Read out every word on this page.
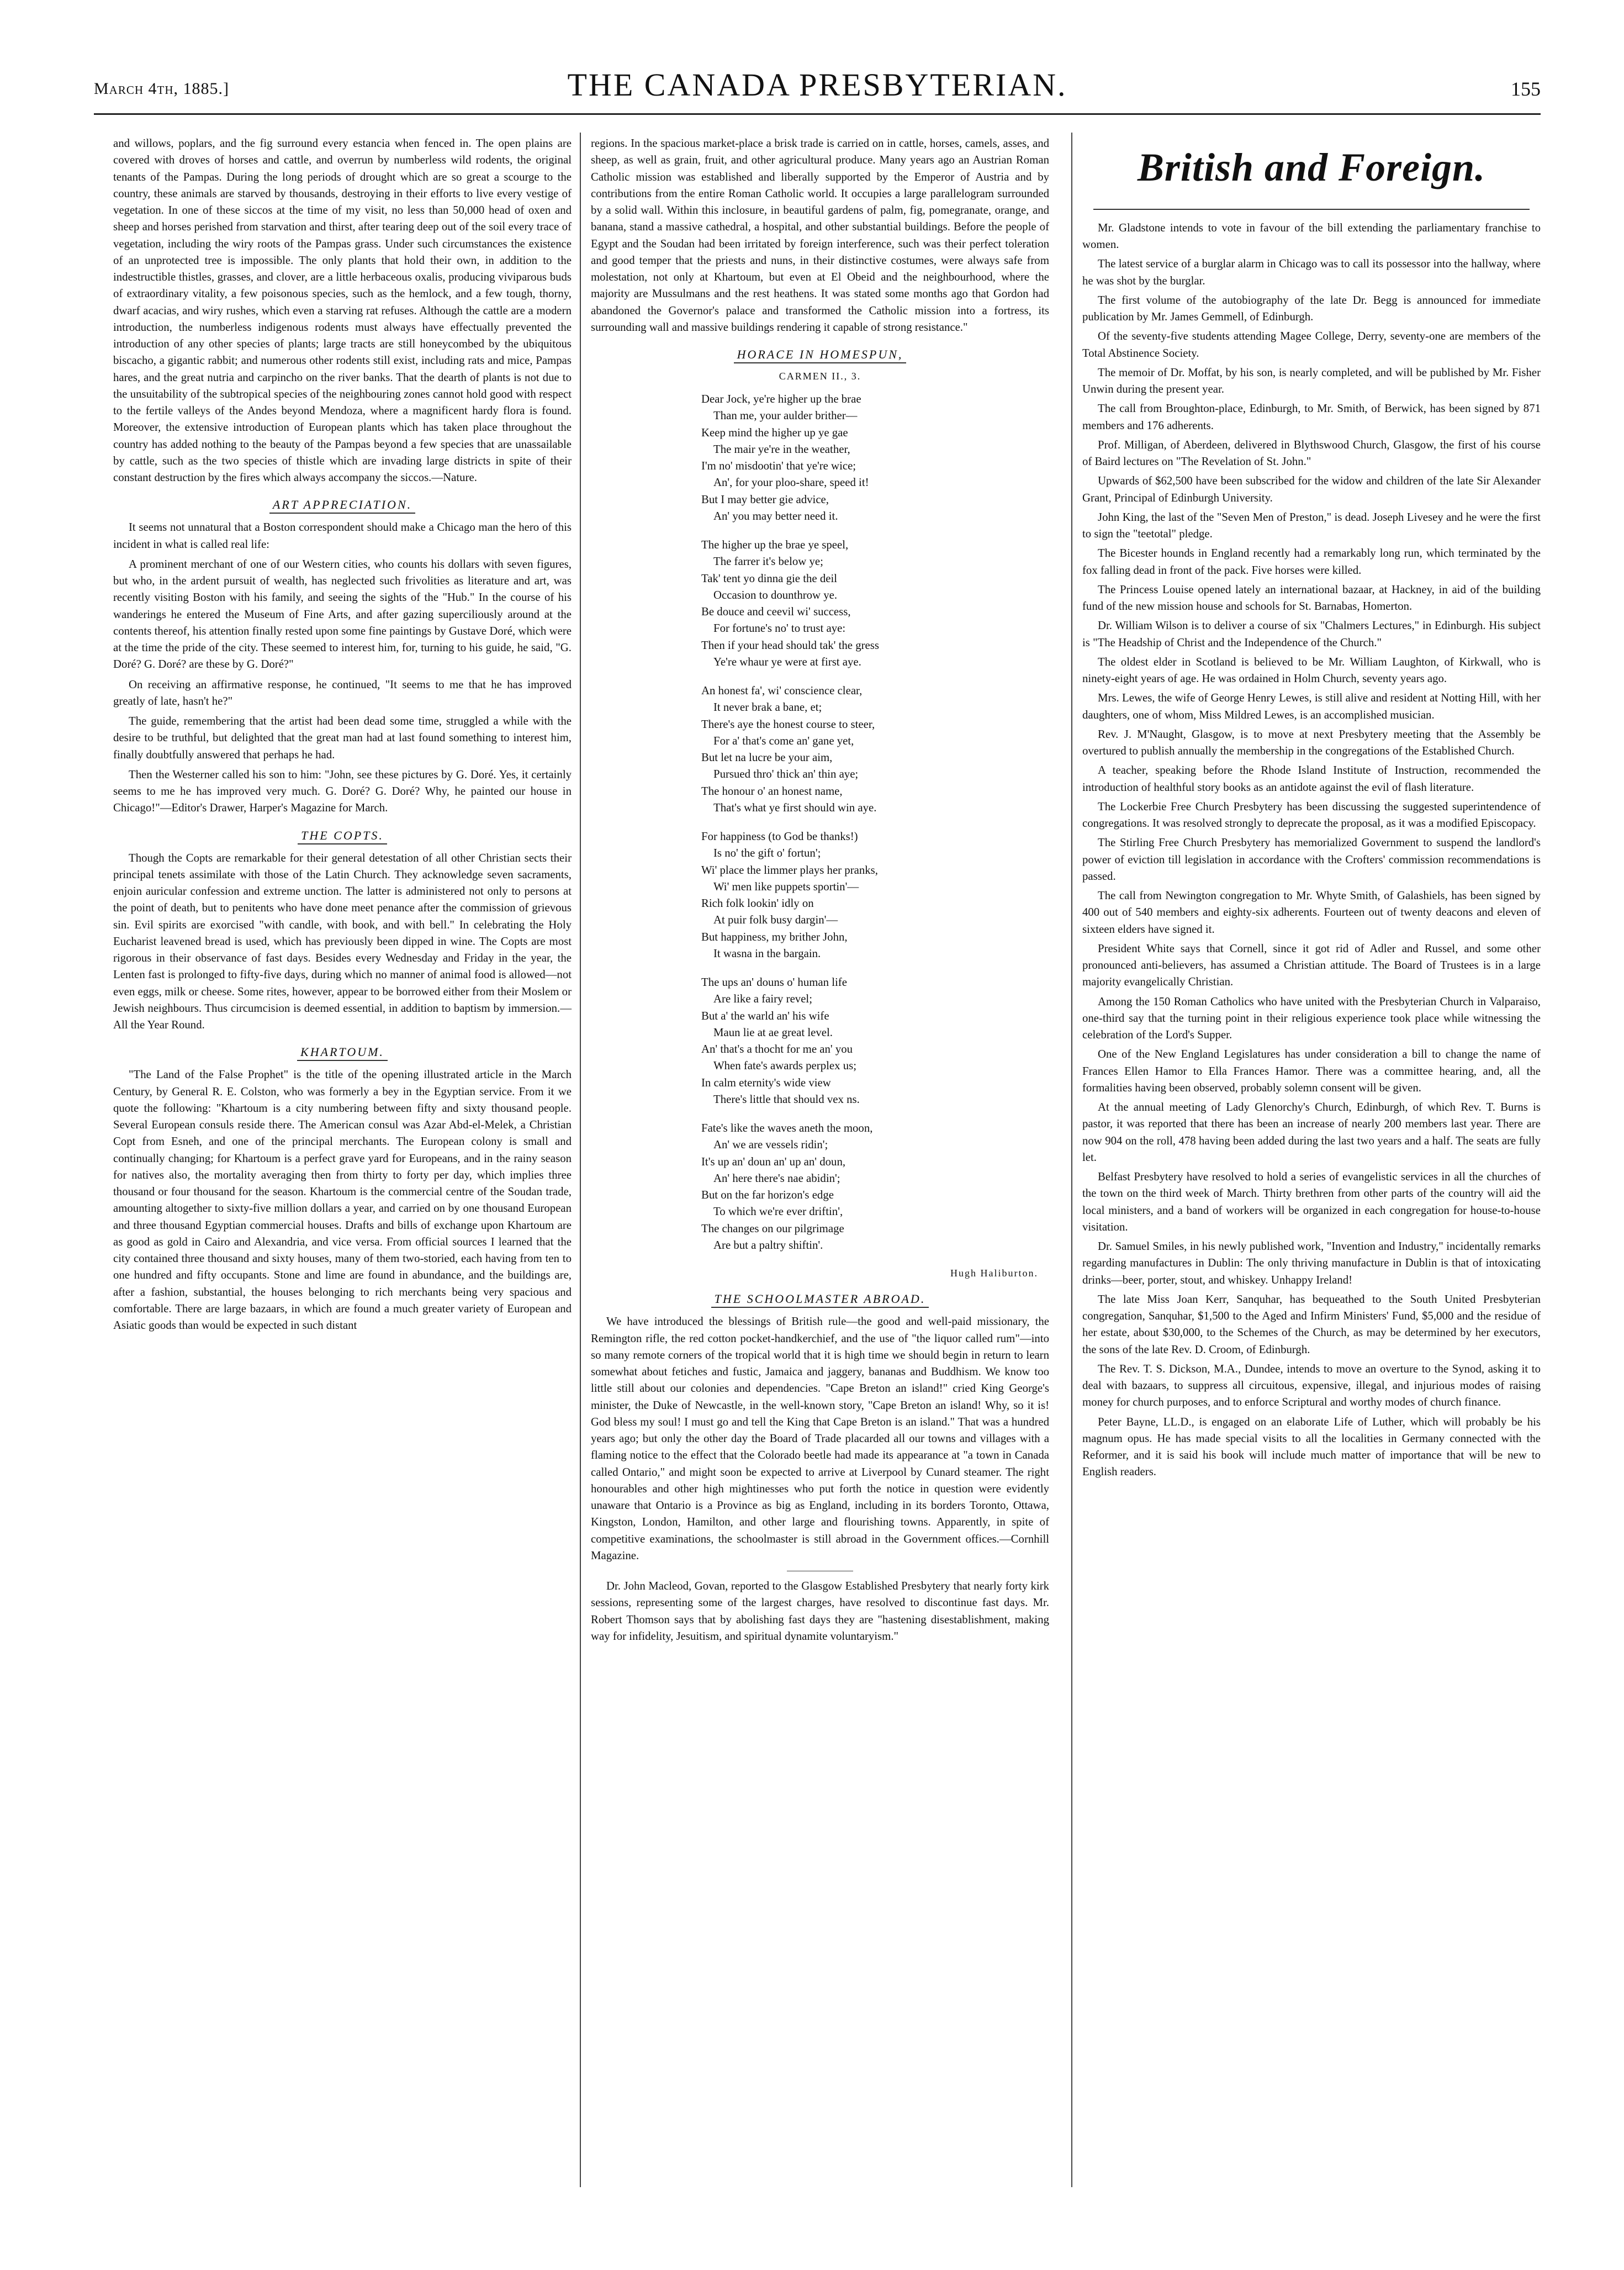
March 4th, 1885.]	THE CANADA PRESBYTERIAN.	155

and willows, poplars, and the fig surround every estancia when fenced in. The open plains are covered with droves of horses and cattle, and overrun by numberless wild rodents, the original tenants of the Pampas. During the long periods of drought which are so great a scourge to the country, these animals are starved by thousands, destroying in their efforts to live every vestige of vegetation. In one of these siccos at the time of my visit, no less than 50,000 head of oxen and sheep and horses perished from starvation and thirst, after tearing deep out of the soil every trace of vegetation, including the wiry roots of the Pampas grass. Under such circumstances the existence of an unprotected tree is impossible. The only plants that hold their own, in addition to the indestructible thistles, grasses, and clover, are a little herbaceous oxalis, producing viviparous buds of extraordinary vitality, a few poisonous species, such as the hemlock, and a few tough, thorny, dwarf acacias, and wiry rushes, which even a starving rat refuses. Although the cattle are a modern introduction, the numberless indigenous rodents must always have effectually prevented the introduction of any other species of plants; large tracts are still honeycombed by the ubiquitous biscacho, a gigantic rabbit; and numerous other rodents still exist, including rats and mice, Pampas hares, and the great nutria and carpincho on the river banks. That the dearth of plants is not due to the unsuitability of the subtropical species of the neighbouring zones cannot hold good with respect to the fertile valleys of the Andes beyond Mendoza, where a magnificent hardy flora is found. Moreover, the extensive introduction of European plants which has taken place throughout the country has added nothing to the beauty of the Pampas beyond a few species that are unassailable by cattle, such as the two species of thistle which are invading large districts in spite of their constant destruction by the fires which always accompany the siccos.—Nature.

ART APPRECIATION.

It seems not unnatural that a Boston correspondent should make a Chicago man the hero of this incident in what is called real life:

A prominent merchant of one of our Western cities, who counts his dollars with seven figures, but who, in the ardent pursuit of wealth, has neglected such frivolities as literature and art, was recently visiting Boston with his family, and seeing the sights of the "Hub." In the course of his wanderings he entered the Museum of Fine Arts, and after gazing superciliously around at the contents thereof, his attention finally rested upon some fine paintings by Gustave Doré, which were at the time the pride of the city. These seemed to interest him, for, turning to his guide, he said, "G. Doré? G. Doré? are these by G. Doré?"

On receiving an affirmative response, he continued, "It seems to me that he has improved greatly of late, hasn't he?"

The guide, remembering that the artist had been dead some time, struggled a while with the desire to be truthful, but delighted that the great man had at last found something to interest him, finally doubtfully answered that perhaps he had.

Then the Westerner called his son to him: "John, see these pictures by G. Doré. Yes, it certainly seems to me he has improved very much. G. Doré? G. Doré? Why, he painted our house in Chicago!"—Editor's Drawer, Harper's Magazine for March.

THE COPTS.

Though the Copts are remarkable for their general detestation of all other Christian sects their principal tenets assimilate with those of the Latin Church. They acknowledge seven sacraments, enjoin auricular confession and extreme unction. The latter is administered not only to persons at the point of death, but to penitents who have done meet penance after the commission of grievous sin. Evil spirits are exorcised "with candle, with book, and with bell." In celebrating the Holy Eucharist leavened bread is used, which has previously been dipped in wine. The Copts are most rigorous in their observance of fast days. Besides every Wednesday and Friday in the year, the Lenten fast is prolonged to fifty-five days, during which no manner of animal food is allowed—not even eggs, milk or cheese. Some rites, however, appear to be borrowed either from their Moslem or Jewish neighbours. Thus circumcision is deemed essential, in addition to baptism by immersion.—All the Year Round.

KHARTOUM.

"The Land of the False Prophet" is the title of the opening illustrated article in the March Century, by General R. E. Colston, who was formerly a bey in the Egyptian service. From it we quote the following: "Khartoum is a city numbering between fifty and sixty thousand people. Several European consuls reside there. The American consul was Azar Abd-el-Melek, a Christian Copt from Esneh, and one of the principal merchants. The European colony is small and continually changing; for Khartoum is a perfect grave yard for Europeans, and in the rainy season for natives also, the mortality averaging then from thirty to forty per day, which implies three thousand or four thousand for the season. Khartoum is the commercial centre of the Soudan trade, amounting altogether to sixty-five million dollars a year, and carried on by one thousand European and three thousand Egyptian commercial houses. Drafts and bills of exchange upon Khartoum are as good as gold in Cairo and Alexandria, and vice versa. From official sources I learned that the city contained three thousand and sixty houses, many of them two-storied, each having from ten to one hundred and fifty occupants. Stone and lime are found in abundance, and the buildings are, after a fashion, substantial, the houses belonging to rich merchants being very spacious and comfortable. There are large bazaars, in which are found a much greater variety of European and Asiatic goods than would be expected in such distant

regions. In the spacious market-place a brisk trade is carried on in cattle, horses, camels, asses, and sheep, as well as grain, fruit, and other agricultural produce. Many years ago an Austrian Roman Catholic mission was established and liberally supported by the Emperor of Austria and by contributions from the entire Roman Catholic world. It occupies a large parallelogram surrounded by a solid wall. Within this inclosure, in beautiful gardens of palm, fig, pomegranate, orange, and banana, stand a massive cathedral, a hospital, and other substantial buildings. Before the people of Egypt and the Soudan had been irritated by foreign interference, such was their perfect toleration and good temper that the priests and nuns, in their distinctive costumes, were always safe from molestation, not only at Khartoum, but even at El Obeid and the neighbourhood, where the majority are Mussulmans and the rest heathens. It was stated some months ago that Gordon had abandoned the Governor's palace and transformed the Catholic mission into a fortress, its surrounding wall and massive buildings rendering it capable of strong resistance."

HORACE IN HOMESPUN,
CARMEN II., 3.
Dear Jock, ye're higher up the brae
Than me, your aulder brither—
Keep mind the higher up ye gae
The mair ye're in the weather,
I'm no' misdootin' that ye're wice;
An', for your ploo-share, speed it!
But I may better gie advice,
An' you may better need it.
The higher up the brae ye speel,
The farrer it's below ye;
Tak' tent yo dinna gie the deil
Occasion to dounthrow ye.
Be douce and ceevil wi' success,
For fortune's no' to trust aye:
Then if your head should tak' the gress
Ye're whaur ye were at first aye.
An honest fa', wi' conscience clear,
It never brak a bane, et;
There's aye the honest course to steer,
For a' that's come an' gane yet,
But let na lucre be your aim,
Pursued thro' thick an' thin aye;
The honour o' an honest name,
That's what ye first should win aye.
For happiness (to God be thanks!)
Is no' the gift o' fortun';
Wi' place the limmer plays her pranks,
Wi' men like puppets sportin'—
Rich folk lookin' idly on
At puir folk busy dargin'—
But happiness, my brither John,
It wasna in the bargain.
The ups an' douns o' human life
Are like a fairy revel;
But a' the warld an' his wife
Maun lie at ae great level.
An' that's a thocht for me an' you
When fate's awards perplex us;
In calm eternity's wide view
There's little that should vex ns.
Fate's like the waves aneth the moon,
An' we are vessels ridin';
It's up an' doun an' up an' doun,
An' here there's nae abidin';
But on the far horizon's edge
To which we're ever driftin',
The changes on our pilgrimage
Are but a paltry shiftin'.
Hugh Haliburton.
THE SCHOOLMASTER ABROAD.

We have introduced the blessings of British rule—the good and well-paid missionary, the Remington rifle, the red cotton pocket-handkerchief, and the use of "the liquor called rum"—into so many remote corners of the tropical world that it is high time we should begin in return to learn somewhat about fetiches and fustic, Jamaica and jaggery, bananas and Buddhism. We know too little still about our colonies and dependencies. "Cape Breton an island!" cried King George's minister, the Duke of Newcastle, in the well-known story, "Cape Breton an island! Why, so it is! God bless my soul! I must go and tell the King that Cape Breton is an island." That was a hundred years ago; but only the other day the Board of Trade placarded all our towns and villages with a flaming notice to the effect that the Colorado beetle had made its appearance at "a town in Canada called Ontario," and might soon be expected to arrive at Liverpool by Cunard steamer. The right honourables and other high mightinesses who put forth the notice in question were evidently unaware that Ontario is a Province as big as England, including in its borders Toronto, Ottawa, Kingston, London, Hamilton, and other large and flourishing towns. Apparently, in spite of competitive examinations, the schoolmaster is still abroad in the Government offices.—Cornhill Magazine.

Dr. John Macleod, Govan, reported to the Glasgow Established Presbytery that nearly forty kirk sessions, representing some of the largest charges, have resolved to discontinue fast days. Mr. Robert Thomson says that by abolishing fast days they are "hastening disestablishment, making way for infidelity, Jesuitism, and spiritual dynamite voluntaryism."

British and Foreign.

Mr. Gladstone intends to vote in favour of the bill extending the parliamentary franchise to women.

The latest service of a burglar alarm in Chicago was to call its possessor into the hallway, where he was shot by the burglar.

The first volume of the autobiography of the late Dr. Begg is announced for immediate publication by Mr. James Gemmell, of Edinburgh.

Of the seventy-five students attending Magee College, Derry, seventy-one are members of the Total Abstinence Society.

The memoir of Dr. Moffat, by his son, is nearly completed, and will be published by Mr. Fisher Unwin during the present year.

The call from Broughton-place, Edinburgh, to Mr. Smith, of Berwick, has been signed by 871 members and 176 adherents.

Prof. Milligan, of Aberdeen, delivered in Blythswood Church, Glasgow, the first of his course of Baird lectures on "The Revelation of St. John."

Upwards of $62,500 have been subscribed for the widow and children of the late Sir Alexander Grant, Principal of Edinburgh University.

John King, the last of the "Seven Men of Preston," is dead. Joseph Livesey and he were the first to sign the "teetotal" pledge.

The Bicester hounds in England recently had a remarkably long run, which terminated by the fox falling dead in front of the pack. Five horses were killed.

The Princess Louise opened lately an international bazaar, at Hackney, in aid of the building fund of the new mission house and schools for St. Barnabas, Homerton.

Dr. William Wilson is to deliver a course of six "Chalmers Lectures," in Edinburgh. His subject is "The Headship of Christ and the Independence of the Church."

The oldest elder in Scotland is believed to be Mr. William Laughton, of Kirkwall, who is ninety-eight years of age. He was ordained in Holm Church, seventy years ago.

Mrs. Lewes, the wife of George Henry Lewes, is still alive and resident at Notting Hill, with her daughters, one of whom, Miss Mildred Lewes, is an accomplished musician.

Rev. J. M'Naught, Glasgow, is to move at next Presbytery meeting that the Assembly be overtured to publish annually the membership in the congregations of the Established Church.

A teacher, speaking before the Rhode Island Institute of Instruction, recommended the introduction of healthful story books as an antidote against the evil of flash literature.

The Lockerbie Free Church Presbytery has been discussing the suggested superintendence of congregations. It was resolved strongly to deprecate the proposal, as it was a modified Episcopacy.

The Stirling Free Church Presbytery has memorialized Government to suspend the landlord's power of eviction till legislation in accordance with the Crofters' commission recommendations is passed.

The call from Newington congregation to Mr. Whyte Smith, of Galashiels, has been signed by 400 out of 540 members and eighty-six adherents. Fourteen out of twenty deacons and eleven of sixteen elders have signed it.

President White says that Cornell, since it got rid of Adler and Russel, and some other pronounced anti-believers, has assumed a Christian attitude. The Board of Trustees is in a large majority evangelically Christian.

Among the 150 Roman Catholics who have united with the Presbyterian Church in Valparaiso, one-third say that the turning point in their religious experience took place while witnessing the celebration of the Lord's Supper.

One of the New England Legislatures has under consideration a bill to change the name of Frances Ellen Hamor to Ella Frances Hamor. There was a committee hearing, and, all the formalities having been observed, probably solemn consent will be given.

At the annual meeting of Lady Glenorchy's Church, Edinburgh, of which Rev. T. Burns is pastor, it was reported that there has been an increase of nearly 200 members last year. There are now 904 on the roll, 478 having been added during the last two years and a half. The seats are fully let.

Belfast Presbytery have resolved to hold a series of evangelistic services in all the churches of the town on the third week of March. Thirty brethren from other parts of the country will aid the local ministers, and a band of workers will be organized in each congregation for house-to-house visitation.

Dr. Samuel Smiles, in his newly published work, "Invention and Industry," incidentally remarks regarding manufactures in Dublin: The only thriving manufacture in Dublin is that of intoxicating drinks—beer, porter, stout, and whiskey. Unhappy Ireland!

The late Miss Joan Kerr, Sanquhar, has bequeathed to the South United Presbyterian congregation, Sanquhar, $1,500 to the Aged and Infirm Ministers' Fund, $5,000 and the residue of her estate, about $30,000, to the Schemes of the Church, as may be determined by her executors, the sons of the late Rev. D. Croom, of Edinburgh.

The Rev. T. S. Dickson, M.A., Dundee, intends to move an overture to the Synod, asking it to deal with bazaars, to suppress all circuitous, expensive, illegal, and injurious modes of raising money for church purposes, and to enforce Scriptural and worthy modes of church finance.

Peter Bayne, LL.D., is engaged on an elaborate Life of Luther, which will probably be his magnum opus. He has made special visits to all the localities in Germany connected with the Reformer, and it is said his book will include much matter of importance that will be new to English readers.
